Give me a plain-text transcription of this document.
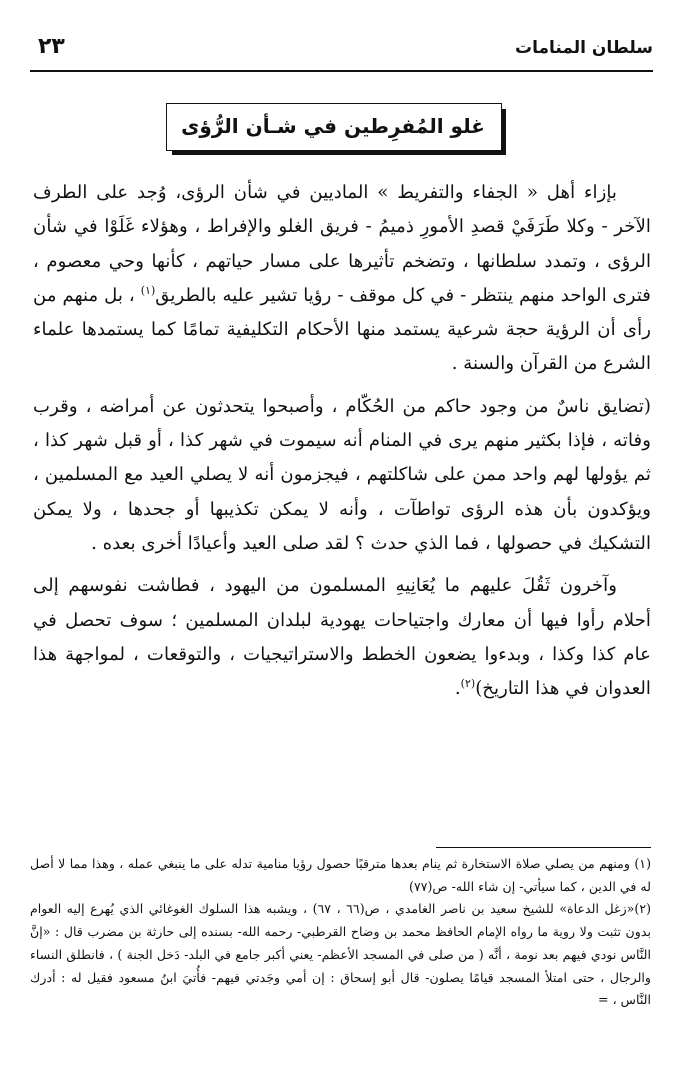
سلطان المنامات
٢٣
غلو المُفرِطين في شـأن الرُّؤى

بإزاء أهل « الجفاء والتفريط » الماديين في شأن الرؤى، وُجد على الطرف الآخر - وكلا طَرَفَيْ قصدِ الأمورِ ذميمُ - فريق الغلو والإفراط ، وهؤلاء غَلَوْا في شأن الرؤى ، وتمدد سلطانها ، وتضخم تأثيرها على مسار حياتهم ، كأنها وحي معصوم ، فترى الواحد منهم ينتظر - في كل موقف - رؤيا تشير عليه بالطريق$^{(١)}$ ، بل منهم من رأى أن الرؤية حجة شرعية يستمد منها الأحكام التكليفية تمامًا كما يستمدها علماء الشرع من القرآن والسنة .

(تضايق ناسٌ من وجود حاكم من الحُكّام ، وأصبحوا يتحدثون عن أمراضه ، وقرب وفاته ، فإذا بكثير منهم يرى في المنام أنه سيموت في شهر كذا ، أو قبل شهر كذا ، ثم يؤولها لهم واحد ممن على شاكلتهم ، فيجزمون أنه لا يصلي العيد مع المسلمين ، ويؤكدون بأن هذه الرؤى تواطآت ، وأنه لا يمكن تكذيبها أو جحدها ، ولا يمكن التشكيك في حصولها ، فما الذي حدث ؟ لقد صلى العيد وأعيادًا أخرى بعده .

وآخرون ثَقُلَ عليهم ما يُعَانِيهِ المسلمون من اليهود ، فطاشت نفوسهم إلى أحلام رأوا فيها أن معارك واجتياحات يهودية لبلدان المسلمين ؛ سوف تحصل في عام كذا وكذا ، وبدءوا يضعون الخطط والاستراتيجيات ، والتوقعات ، لمواجهة هذا العدوان في هذا التاريخ)$^{(٢)}$.

(١) ومنهم من يصلي صلاة الاستخارة ثم ينام بعدها مترقبًا حصول رؤيا منامية تدله على ما ينبغي عمله ، وهذا مما لا أصل له في الدين ، كما سيأتي- إن شاء الله- ص(٧٧)

(٢)«زغل الدعاة» للشيخ سعيد بن ناصر الغامدي ، ص(٦٦ ، ٦٧) ، ويشبه هذا السلوك الغوغائي الذي يُهرع إليه العوام بدون تثبت ولا روية ما رواه الإمام الحافظ محمد بن وضاح القرطبي- رحمه الله- بسنده إلى حارثة بن مضرب قال : «إنَّ النَّاس نودي فيهم بعد نومة ، أنَّه ( من صلى في المسجد الأعظم- يعني أكبر جامع في البلد- دَخل الجنة ) ، فانطلق النساء والرجال ، حتى امتلأ المسجد قيامًا يصلون- قال أبو إسحاق : إن أمي وجَدتي فيهم- فأُتيَ ابنُ مسعود فقيل له : أدرك النَّاس ، =
